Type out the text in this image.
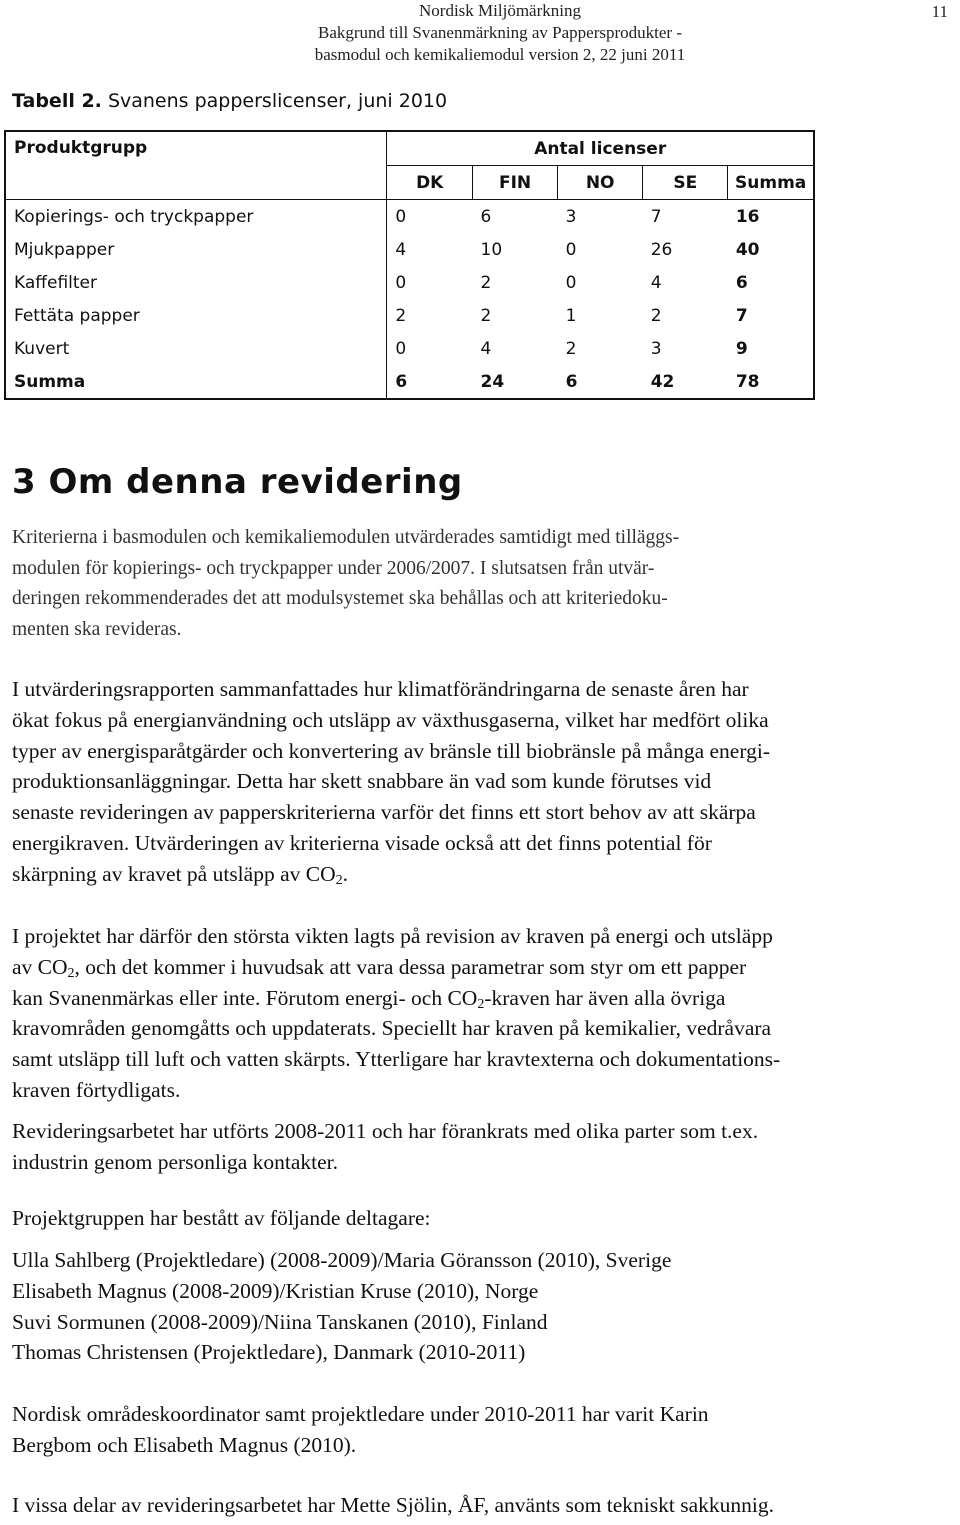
Nordisk Miljömärkning
Bakgrund till Svanenmärkning av Pappersprodukter -
basmodul och kemikaliemodul version 2, 22 juni 2011
11
Tabell 2. Svanens papperslicenser, juni 2010
Produktgrupp	Antal licenser				
	DK	FIN	NO	SE	Summa
Kopierings- och tryckpapper	0	6	3	7	16
Mjukpapper	4	10	0	26	40
Kaffefilter	0	2	0	4	6
Fettäta papper	2	2	1	2	7
Kuvert	0	4	2	3	9
Summa	6	24	6	42	78
3 Om denna revidering
Kriterierna i basmodulen och kemikaliemodulen utvärderades samtidigt med tilläggs-
modulen för kopierings- och tryckpapper under 2006/2007. I slutsatsen från utvär-
deringen rekommenderades det att modulsystemet ska behållas och att kriteriedoku-
menten ska revideras.
I utvärderingsrapporten sammanfattades hur klimatförändringarna de senaste åren har
ökat fokus på energianvändning och utsläpp av växthusgaserna, vilket har medfört olika
typer av energisparåtgärder och konvertering av bränsle till biobränsle på många energi-
produktionsanläggningar. Detta har skett snabbare än vad som kunde förutses vid
senaste revideringen av papperskriterierna varför det finns ett stort behov av att skärpa
energikraven. Utvärderingen av kriterierna visade också att det finns potential för
skärpning av kravet på utsläpp av $CO_2$.
I projektet har därför den största vikten lagts på revision av kraven på energi och utsläpp
av $CO_2$, och det kommer i huvudsak att vara dessa parametrar som styr om ett papper
kan Svanenmärkas eller inte. Förutom energi- och $CO_2$-kraven har även alla övriga
kravområden genomgåtts och uppdaterats. Speciellt har kraven på kemikalier, vedråvara
samt utsläpp till luft och vatten skärpts. Ytterligare har kravtexterna och dokumentations-
kraven förtydligats.
Revideringsarbetet har utförts 2008-2011 och har förankrats med olika parter som t.ex.
industrin genom personliga kontakter.
Projektgruppen har bestått av följande deltagare:
Ulla Sahlberg (Projektledare) (2008-2009)/Maria Göransson (2010), Sverige
Elisabeth Magnus (2008-2009)/Kristian Kruse (2010), Norge
Suvi Sormunen (2008-2009)/Niina Tanskanen (2010), Finland
Thomas Christensen (Projektledare), Danmark (2010-2011)
Nordisk områdeskoordinator samt projektledare under 2010-2011 har varit Karin
Bergbom och Elisabeth Magnus (2010).
I vissa delar av revideringsarbetet har Mette Sjölin, ÅF, använts som tekniskt sakkunnig.
